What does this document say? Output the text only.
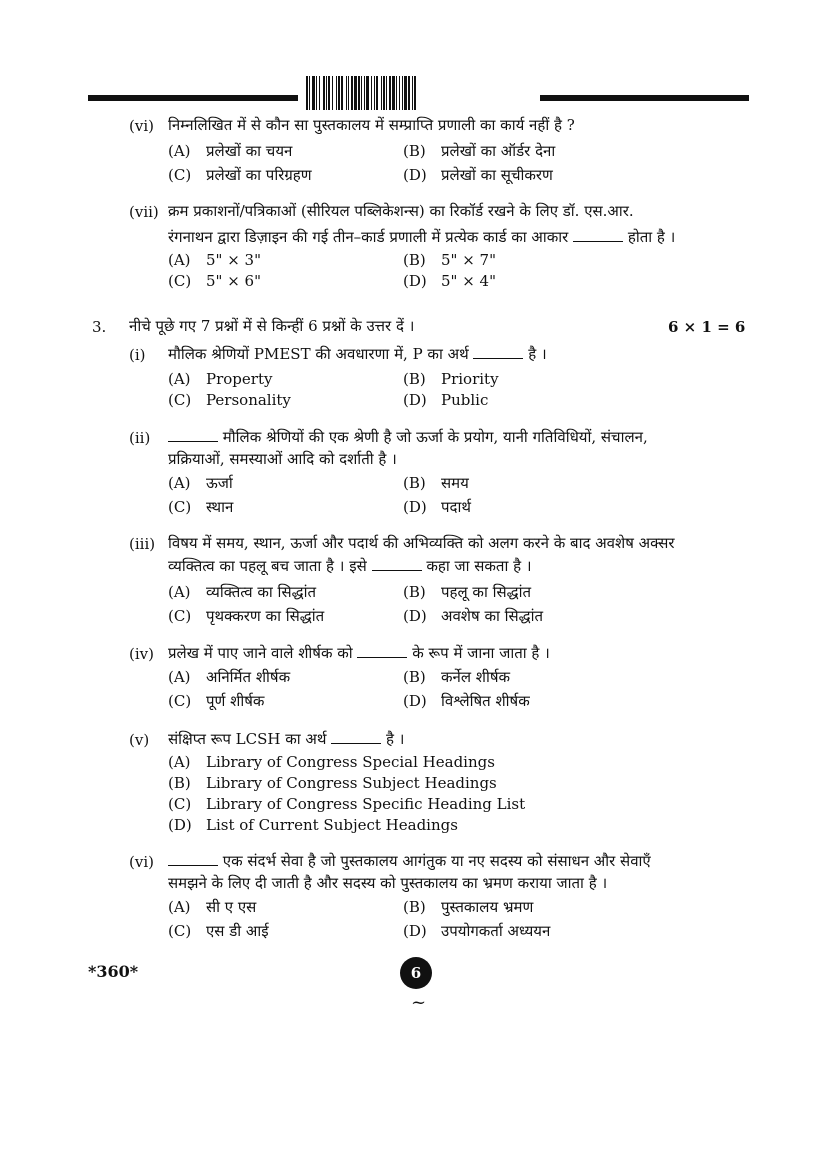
(vi) निम्नलिखित में से कौन सा पुस्तकालय में सम्प्राप्ति प्रणाली का कार्य नहीं है ?
(A) प्रलेखों का चयन	(B) प्रलेखों का ऑर्डर देना
(C) प्रलेखों का परिग्रहण	(D) प्रलेखों का सूचीकरण
(vii) क्रम प्रकाशनों/पत्रिकाओं (सीरियल पब्लिकेशन्स) का रिकॉर्ड रखने के लिए डॉ. एस.आर.
रंगनाथन द्वारा डिज़ाइन की गई तीन–कार्ड प्रणाली में प्रत्येक कार्ड का आकार	होता है ।
(A) 5" × 3"	(B) 5" × 7"
(C) 5" × 6"	(D) 5" × 4"
3. नीचे पूछे गए 7 प्रश्नों में से किन्हीं 6 प्रश्नों के उत्तर दें ।	6 × 1 = 6
(i) मौलिक श्रेणियों PMEST की अवधारणा में, P का अर्थ	है ।
(A) Property	(B) Priority
(C) Personality	(D) Public
(ii)	मौलिक श्रेणियों की एक श्रेणी है जो ऊर्जा के प्रयोग, यानी गतिविधियों, संचालन,
प्रक्रियाओं, समस्याओं आदि को दर्शाती है ।
(A) ऊर्जा	(B) समय
(C) स्थान	(D) पदार्थ
(iii) विषय में समय, स्थान, ऊर्जा और पदार्थ की अभिव्यक्ति को अलग करने के बाद अवशेष अक्सर
व्यक्तित्व का पहलू बच जाता है । इसे	कहा जा सकता है ।
(A) व्यक्तित्व का सिद्धांत	(B) पहलू का सिद्धांत
(C) पृथक्करण का सिद्धांत	(D) अवशेष का सिद्धांत
(iv) प्रलेख में पाए जाने वाले शीर्षक को	के रूप में जाना जाता है ।
(A) अनिर्मित शीर्षक	(B) कर्नेल शीर्षक
(C) पूर्ण शीर्षक	(D) विश्लेषित शीर्षक
(v) संक्षिप्त रूप LCSH का अर्थ	है ।
(A) Library of Congress Special Headings
(B) Library of Congress Subject Headings
(C) Library of Congress Specific Heading List
(D) List of Current Subject Headings
(vi)	एक संदर्भ सेवा है जो पुस्तकालय आगंतुक या नए सदस्य को संसाधन और सेवाएँ
समझने के लिए दी जाती है और सदस्य को पुस्तकालय का भ्रमण कराया जाता है ।
(A) सी ए एस	(B) पुस्तकालय भ्रमण
(C) एस डी आई	(D) उपयोगकर्ता अध्ययन
*360*	6
~
